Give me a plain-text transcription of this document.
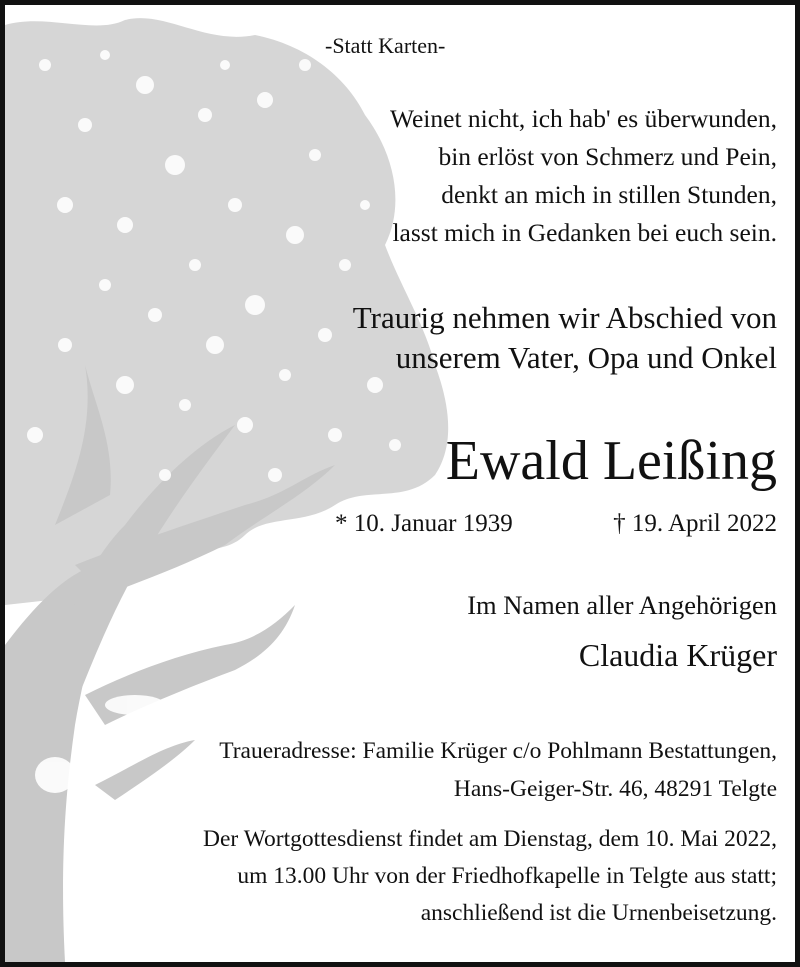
-Statt Karten-
Weinet nicht, ich hab' es überwunden,
bin erlöst von Schmerz und Pein,
denkt an mich in stillen Stunden,
lasst mich in Gedanken bei euch sein.
Traurig nehmen wir Abschied von
unserem Vater, Opa und Onkel
Ewald Leißing
* 10. Januar 1939	† 19. April 2022
Im Namen aller Angehörigen
Claudia Krüger
Traueradresse: Familie Krüger c/o Pohlmann Bestattungen,
Hans-Geiger-Str. 46, 48291 Telgte
Der Wortgottesdienst findet am Dienstag, dem 10. Mai 2022,
um 13.00 Uhr von der Friedhofkapelle in Telgte aus statt;
anschließend ist die Urnenbeisetzung.
